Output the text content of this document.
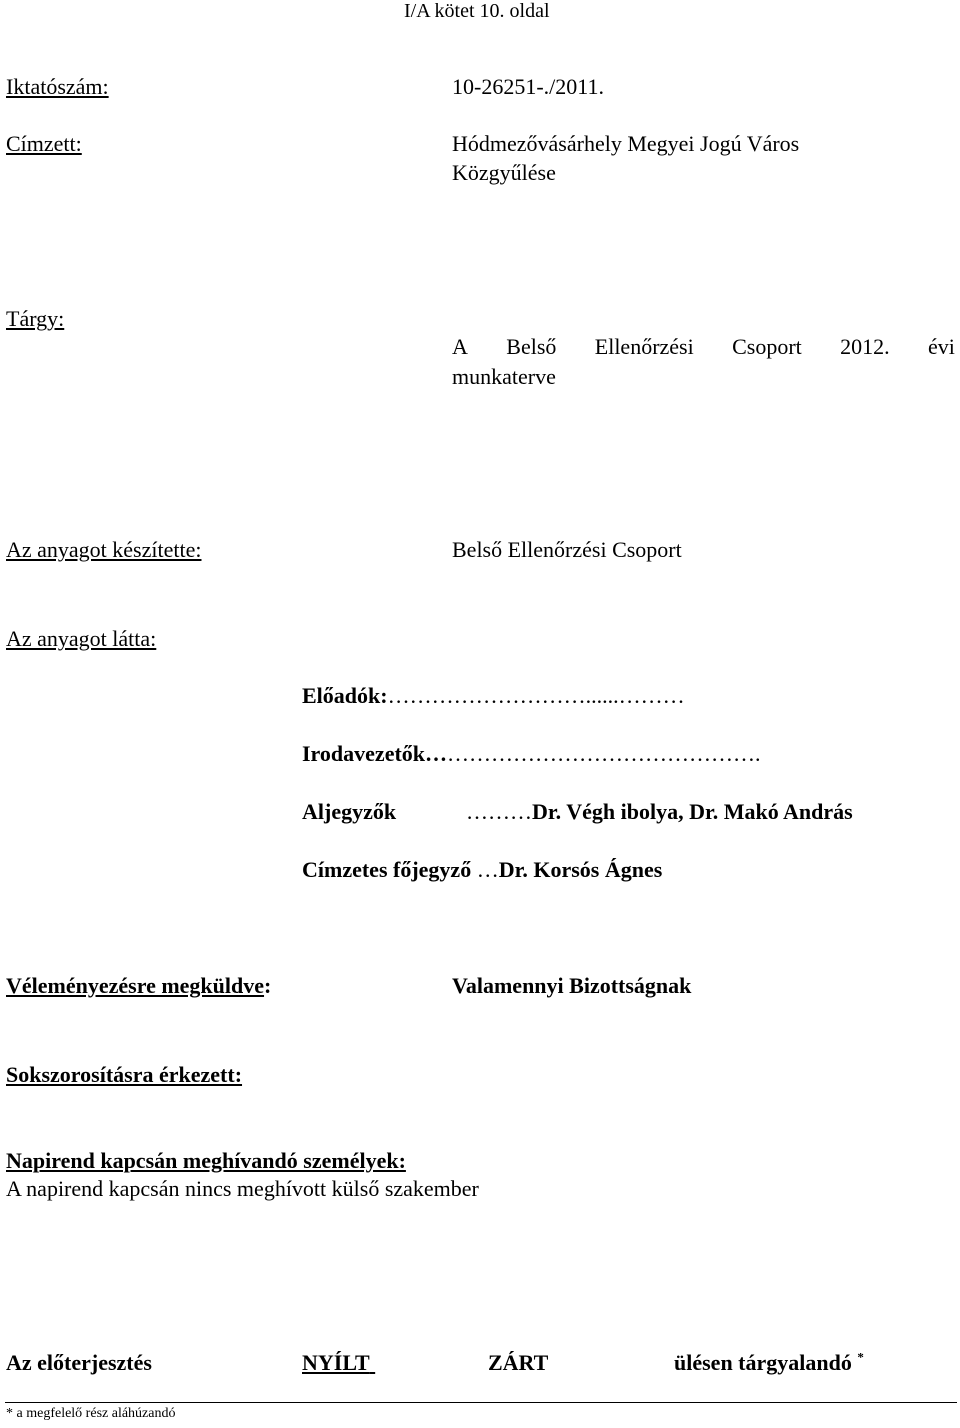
I/A kötet 10. oldal
Iktatószám:	10-26251-./2011.
Címzett:	Hódmezővásárhely Megyei Jogú Város
Közgyűlése
Tárgy:
A Belső Ellenőrzési Csoport 2012. évi
munkaterve
Az anyagot készítette:	Belső Ellenőrzési Csoport
Az anyagot látta:
Előadók:………………………......………
Irodavezetők……………………………………….
Aljegyzők	………Dr. Végh ibolya, Dr. Makó András
Címzetes főjegyző …Dr. Korsós Ágnes
Véleményezésre megküldve:	Valamennyi Bizottságnak
Sokszorosításra érkezett:
Napirend kapcsán meghívandó személyek:
A napirend kapcsán nincs meghívott külső szakember
Az előterjesztés	NYÍLT	ZÁRT	ülésen tárgyalandó *
* a megfelelő rész aláhúzandó
